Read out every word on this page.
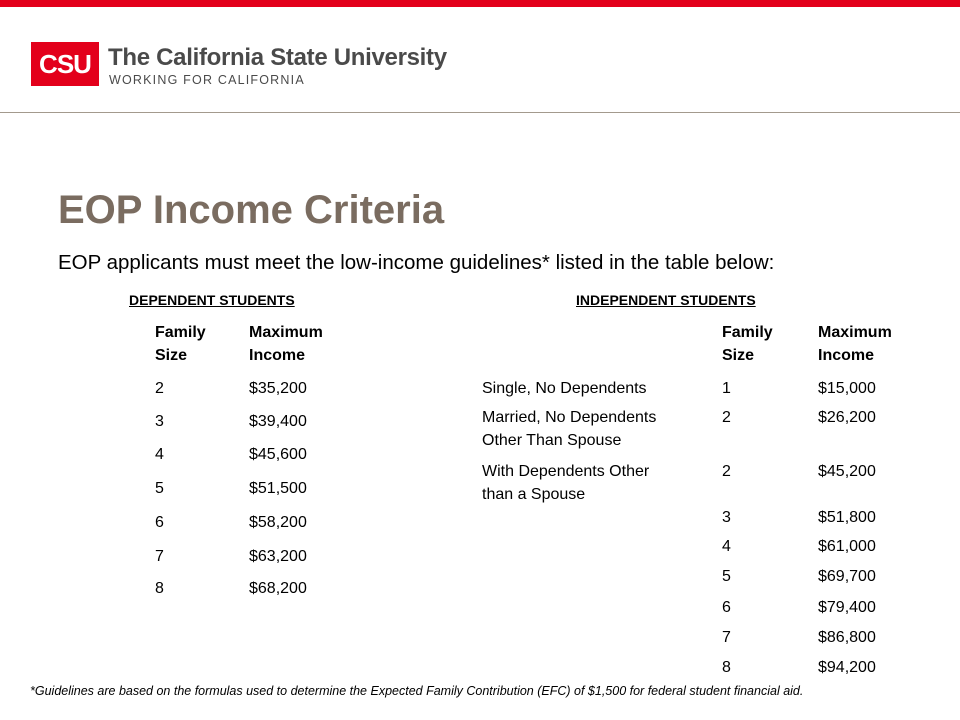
CSU The California State University
WORKING FOR CALIFORNIA
EOP Income Criteria
EOP applicants must meet the low-income guidelines* listed in the table below:
DEPENDENT STUDENTS
Family
Size
Maximum
Income
2	$35,200
3	$39,400
4	$45,600
5	$51,500
6	$58,200
7	$63,200
8	$68,200
INDEPENDENT STUDENTS
Family
Size
Maximum
Income
Single, No Dependents	1	$15,000
Married, No Dependents
Other Than Spouse
2	$26,200
With Dependents Other
than a Spouse
2	$45,200
3	$51,800
4	$61,000
5	$69,700
6	$79,400
7	$86,800
8	$94,200
*Guidelines are based on the formulas used to determine the Expected Family Contribution (EFC) of $1,500 for federal student financial aid.
